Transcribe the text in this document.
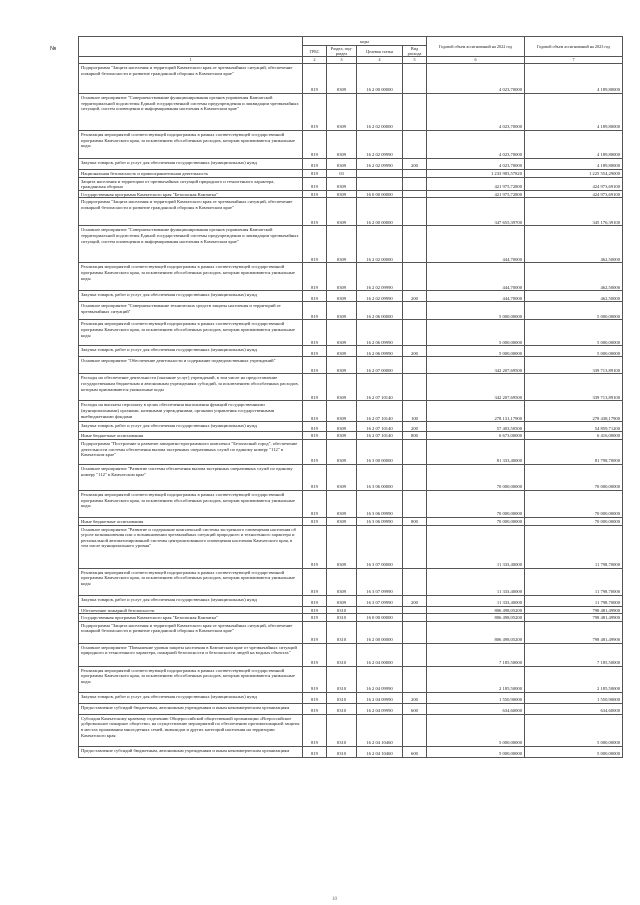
№
	коды				Годовой объем ассигнований на 2022 год	Годовой объем ассигнований на 2023 год
	ГРБС	Раздел, под-раздел	Целевая статья	Вид расхода		
1	2	3	4	5	6	7
Подпрограмма "Защита населения и территорий Камчатского края от чрезвычайных ситуаций, обеспечение пожарной безопасности и развитие гражданской обороны в Камчатском крае"	819	0309	16 2 00 00000		4 023,70000	4 189,80000
Основное мероприятие "Совершенствование функционирования органов управления Камчатской территориальной подсистемы Единой государственной системы предупреждения и ликвидации чрезвычайных ситуаций, систем оповещения и информирования населения в Камчатском крае"	819	0309	16 2 02 00000		4 023,70000	4 189,80000
Реализация мероприятий соответствующей подпрограммы в рамках соответствующей государственной программы Камчатского края, за исключением обособленных расходов, которым присваиваются уникальные коды	819	0309	16 2 02 09990		4 023,70000	4 189,80000
Закупка товаров, работ и услуг для обеспечения государственных (муниципальных) нужд	819	0309	16 2 02 09990	200	4 023,70000	4 189,80000
Национальная безопасность и правоохранительная деятельность	819	03			1 233 983,57820	1 225 554,29000
Защита населения и территории от чрезвычайных ситуаций природного и техногенного характера, гражданская оборона	819	0309			421 975,72800	424 973,69100
Государственная программа Камчатского края "Безопасная Камчатка"	819	0309	16 0 00 00000		421 975,72800	424 973,69100
Подпрограмма "Защита населения и территорий Камчатского края от чрезвычайных ситуаций, обеспечение пожарной безопасности и развитие гражданской обороны в Камчатском крае"	819	0309	16 2 00 00000		347 655,39700	345 176,39100
Основное мероприятие "Совершенствование функционирования органов управления Камчатской территориальной подсистемы Единой государственной системы предупреждения и ликвидации чрезвычайных ситуаций, систем оповещения и информирования населения в Камчатском крае"	819	0309	16 2 02 00000		444,70000	462,50000
Реализация мероприятий соответствующей подпрограммы в рамках соответствующей государственной программы Камчатского края, за исключением обособленных расходов, которым присваиваются уникальные коды	819	0309	16 2 02 09990		444,70000	462,50000
Закупка товаров, работ и услуг для обеспечения государственных (муниципальных) нужд	819	0309	16 2 02 09990	200	444,70000	462,50000
Основное мероприятие "Совершенствование технических средств защиты населения и территорий от чрезвычайных ситуаций"	819	0309	16 2 06 00000		5 000,00000	5 000,00000
Реализация мероприятий соответствующей подпрограммы в рамках соответствующей государственной программы Камчатского края, за исключением обособленных расходов, которым присваиваются уникальные коды	819	0309	16 2 06 09990		5 000,00000	5 000,00000
Закупка товаров, работ и услуг для обеспечения государственных (муниципальных) нужд	819	0309	16 2 06 09990	200	5 000,00000	5 000,00000
Основное мероприятие "Обеспечение деятельности и содержание подведомственных учреждений"	819	0309	16 2 07 00000		342 207,69500	339 713,89100
Расходы на обеспечение деятельности (оказание услуг) учреждений, в том числе на предоставление государственным бюджетным и автономным учреждениям субсидий, за исключением обособленных расходов, которым присваиваются уникальные коды	819	0309	16 2 07 10140		342 207,69500	339 713,89100
Расходы на выплаты персоналу в целях обеспечения выполнения функций государственными (муниципальными) органами, казенными учреждениями, органами управления государственными внебюджетными фондами	819	0309	16 2 07 10140	100	278 131,17900	278 438,17900
Закупка товаров, работ и услуг для обеспечения государственных (муниципальных) нужд	819	0309	16 2 07 10140	200	57 403,50500	54 859,71200
Иные бюджетные ассигнования	819	0309	16 2 07 10140	800	6 673,00000	6 416,00000
Подпрограмма "Построение и развитие аппаратно-программного комплекса "Безопасный город", обеспечение деятельности системы обеспечения вызова экстренных оперативных служб по единому номеру "112" в Камчатском крае"	819	0309	16 3 00 00000		81 333,40000	81 798,70000
Основное мероприятие "Развитие системы обеспечения вызова экстренных оперативных служб по единому номеру "112" в Камчатском крае"	819	0309	16 3 06 00000		70 000,00000	70 000,00000
Реализация мероприятий соответствующей подпрограммы в рамках соответствующей государственной программы Камчатского края, за исключением обособленных расходов, которым присваиваются уникальные коды	819	0309	16 3 06 09990		70 000,00000	70 000,00000
Иные бюджетные ассигнования	819	0309	16 3 06 09990	800	70 000,00000	70 000,00000
Основное мероприятие "Развитие и содержание комплексной системы экстренного оповещения населения об угрозе возникновения или о возникновении чрезвычайных ситуаций природного и техногенного характера и региональной автоматизированной системы централизованного оповещения населения Камчатского края, в том числе муниципального уровня"	819	0309	16 3 07 00000		11 333,40000	11 798,70000
Реализация мероприятий соответствующей подпрограммы в рамках соответствующей государственной программы Камчатского края, за исключением обособленных расходов, которым присваиваются уникальные коды	819	0309	16 3 07 09990		11 333,40000	11 798,70000
Закупка товаров, работ и услуг для обеспечения государственных (муниципальных) нужд	819	0309	16 3 07 09990	200	11 333,40000	11 798,70000
Обеспечение пожарной безопасности	819	0310			806 498,05200	798 481,49900
Государственная программа Камчатского края "Безопасная Камчатка"	819	0310	16 0 00 00000		806 498,05200	798 481,49900
Подпрограмма "Защита населения и территорий Камчатского края от чрезвычайных ситуаций, обеспечение пожарной безопасности и развитие гражданской обороны в Камчатском крае"	819	0310	16 2 00 00000		806 498,05200	798 481,49900
Основное мероприятие "Повышение уровня защиты населения в Камчатском крае от чрезвычайных ситуаций природного и техногенного характера, пожарной безопасности и безопасности людей на водных объектах"	819	0310	16 2 04 00000		7 185,50000	7 185,50000
Реализация мероприятий соответствующей подпрограммы в рамках соответствующей государственной программы Камчатского края, за исключением обособленных расходов, которым присваиваются уникальные коды	819	0310	16 2 04 09990		2 185,50000	2 185,50000
Закупка товаров, работ и услуг для обеспечения государственных (муниципальных) нужд	819	0310	16 2 04 09990	200	1 550,90000	1 550,90000
Предоставление субсидий бюджетным, автономным учреждениям и иным некоммерческим организациям	819	0310	16 2 04 09990	600	634,60000	634,60000
Субсидия Камчатскому краевому отделению Общероссийской общественной организации «Всероссийское добровольное пожарное общество» на осуществление мероприятий по обеспечению противопожарной защиты в местах проживания многодетных семей, инвалидов и других категорий населения на территории Камчатского края	819	0310	16 2 04 10460		5 000,00000	5 000,00000
Предоставление субсидий бюджетным, автономным учреждениям и иным некоммерческим организациям	819	0310	16 2 04 10460	600	5 000,00000	5 000,00000
10
